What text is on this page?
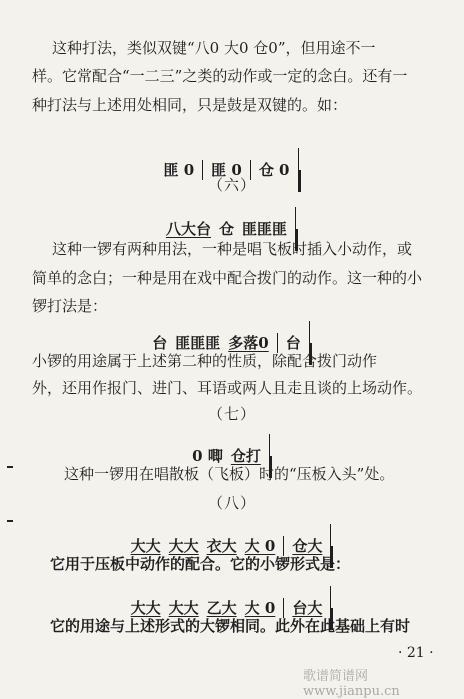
这种打法，类似双键“八0 大0 仓0”，但用途不一
样。它常配合“一二三”之类的动作或一定的念白。还有一
种打法与上述用处相同，只是鼓是双键的。如：
匪 0 匪 0 仓 0
（六）
八大台 仓 匪匪匪
这种一锣有两种用法，一种是唱飞板时插入小动作，或
简单的念白；一种是用在戏中配合拨门的动作。这一种的小
锣打法是：
台 匪匪匪 多落0 台
小锣的用途属于上述第二种的性质，除配合拨门动作
外，还用作报门、进门、耳语或两人且走且谈的上场动作。
（七）
0 唧 仓打
这种一锣用在唱散板（飞板）时的“压板入头”处。
（八）
大大 大大 衣大 大 0 仓大
它用于压板中动作的配合。它的小锣形式是：
大大 大大 乙大 大 0 台大
它的用途与上述形式的大锣相同。此外在此基础上有时
· 21 ·
歌谱简谱网 www.jianpu.cn
